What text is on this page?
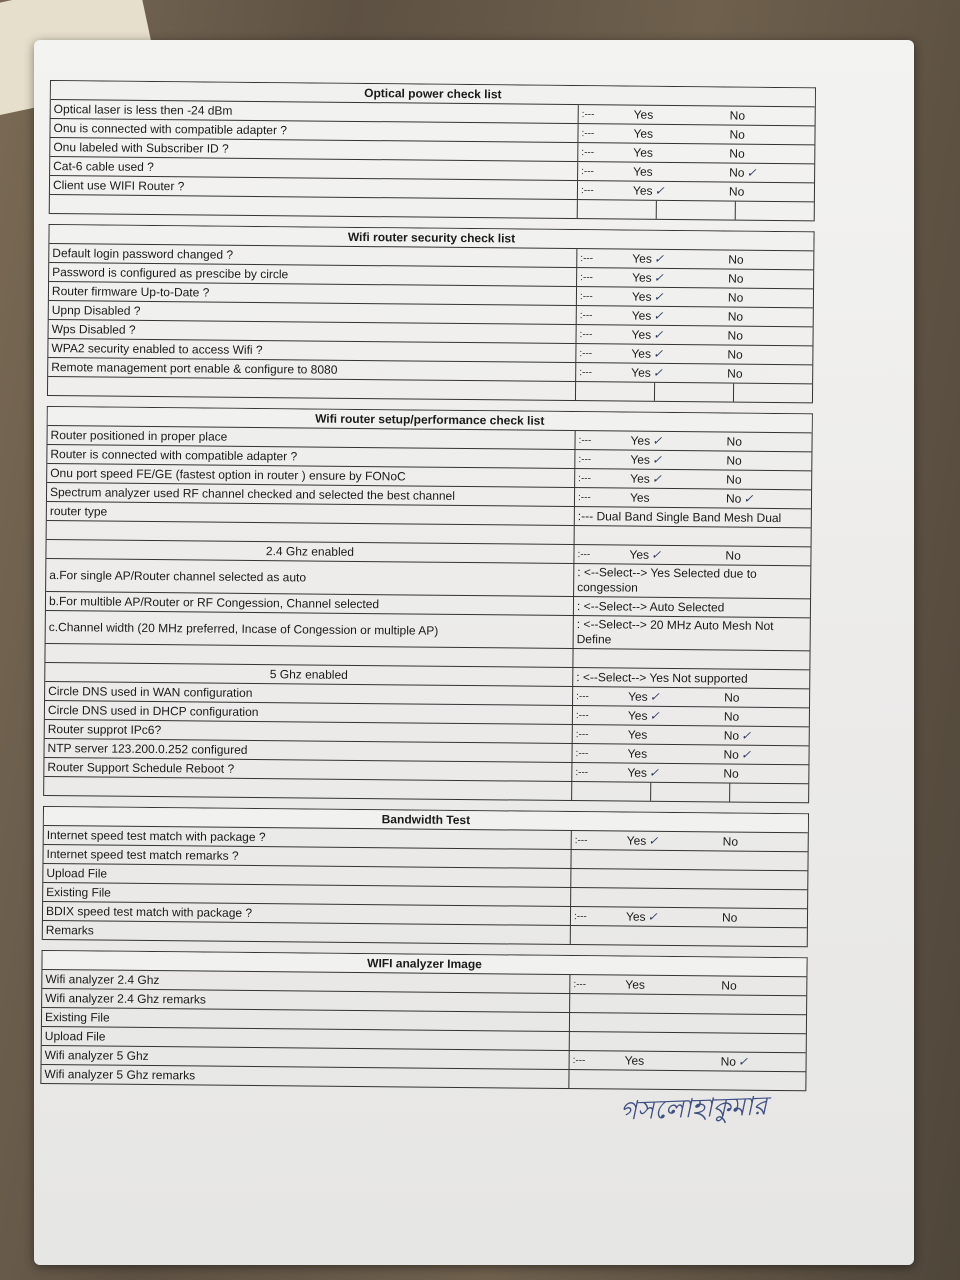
Optical power check list
Optical laser is less then -24 dBm	:---	Yes	No
Onu is connected with compatible adapter ?	:---	Yes	No
Onu labeled with Subscriber ID ?	:---	Yes	No
Cat-6 cable used ?	:---	Yes	No ✓
Client use WIFI Router ?	:---	Yes ✓	No
Wifi router security check list
Default login password changed ?	:---	Yes ✓	No
Password is configured as prescibe by circle	:---	Yes ✓	No
Router firmware Up-to-Date ?	:---	Yes ✓	No
Upnp Disabled ?	:---	Yes ✓	No
Wps Disabled ?	:---	Yes ✓	No
WPA2 security enabled to access Wifi ?	:---	Yes ✓	No
Remote management port enable & configure to 8080	:---	Yes ✓	No
Wifi router setup/performance check list
Router positioned in proper place	:---	Yes ✓	No
Router is connected with compatible adapter ?	:---	Yes ✓	No
Onu port speed FE/GE (fastest option in router ) ensure by FONoC	:---	Yes ✓	No
Spectrum analyzer used RF channel checked and selected the best channel	:---	Yes	No ✓
router type	:--- Dual Band Single Band Mesh Dual
2.4 Ghz enabled	:---	Yes ✓	No
a.For single AP/Router channel selected as auto	: <--Select--> Yes Selected due to congession
b.For multible AP/Router or RF Congession, Channel selected	: <--Select--> Auto Selected
c.Channel width (20 MHz preferred, Incase of Congession or multiple AP)	: <--Select--> 20 MHz Auto Mesh Not Define
5 Ghz enabled	: <--Select--> Yes Not supported
Circle DNS used in WAN configuration	:---	Yes ✓	No
Circle DNS used in DHCP configuration	:---	Yes ✓	No
Router supprot IPc6?	:---	Yes	No ✓
NTP server 123.200.0.252 configured	:---	Yes	No ✓
Router Support Schedule Reboot ?	:---	Yes ✓	No
Bandwidth Test
Internet speed test match with package ?	:---	Yes ✓	No
Internet speed test match remarks ?
Upload File
Existing File
BDIX speed test match with package ?	:---	Yes ✓	No
Remarks
WIFI analyzer Image
Wifi analyzer 2.4 Ghz	:---	Yes	No
Wifi analyzer 2.4 Ghz remarks
Existing File
Upload File
Wifi analyzer 5 Ghz	:---	Yes	No ✓
Wifi analyzer 5 Ghz remarks
গসলোহাকুমার
